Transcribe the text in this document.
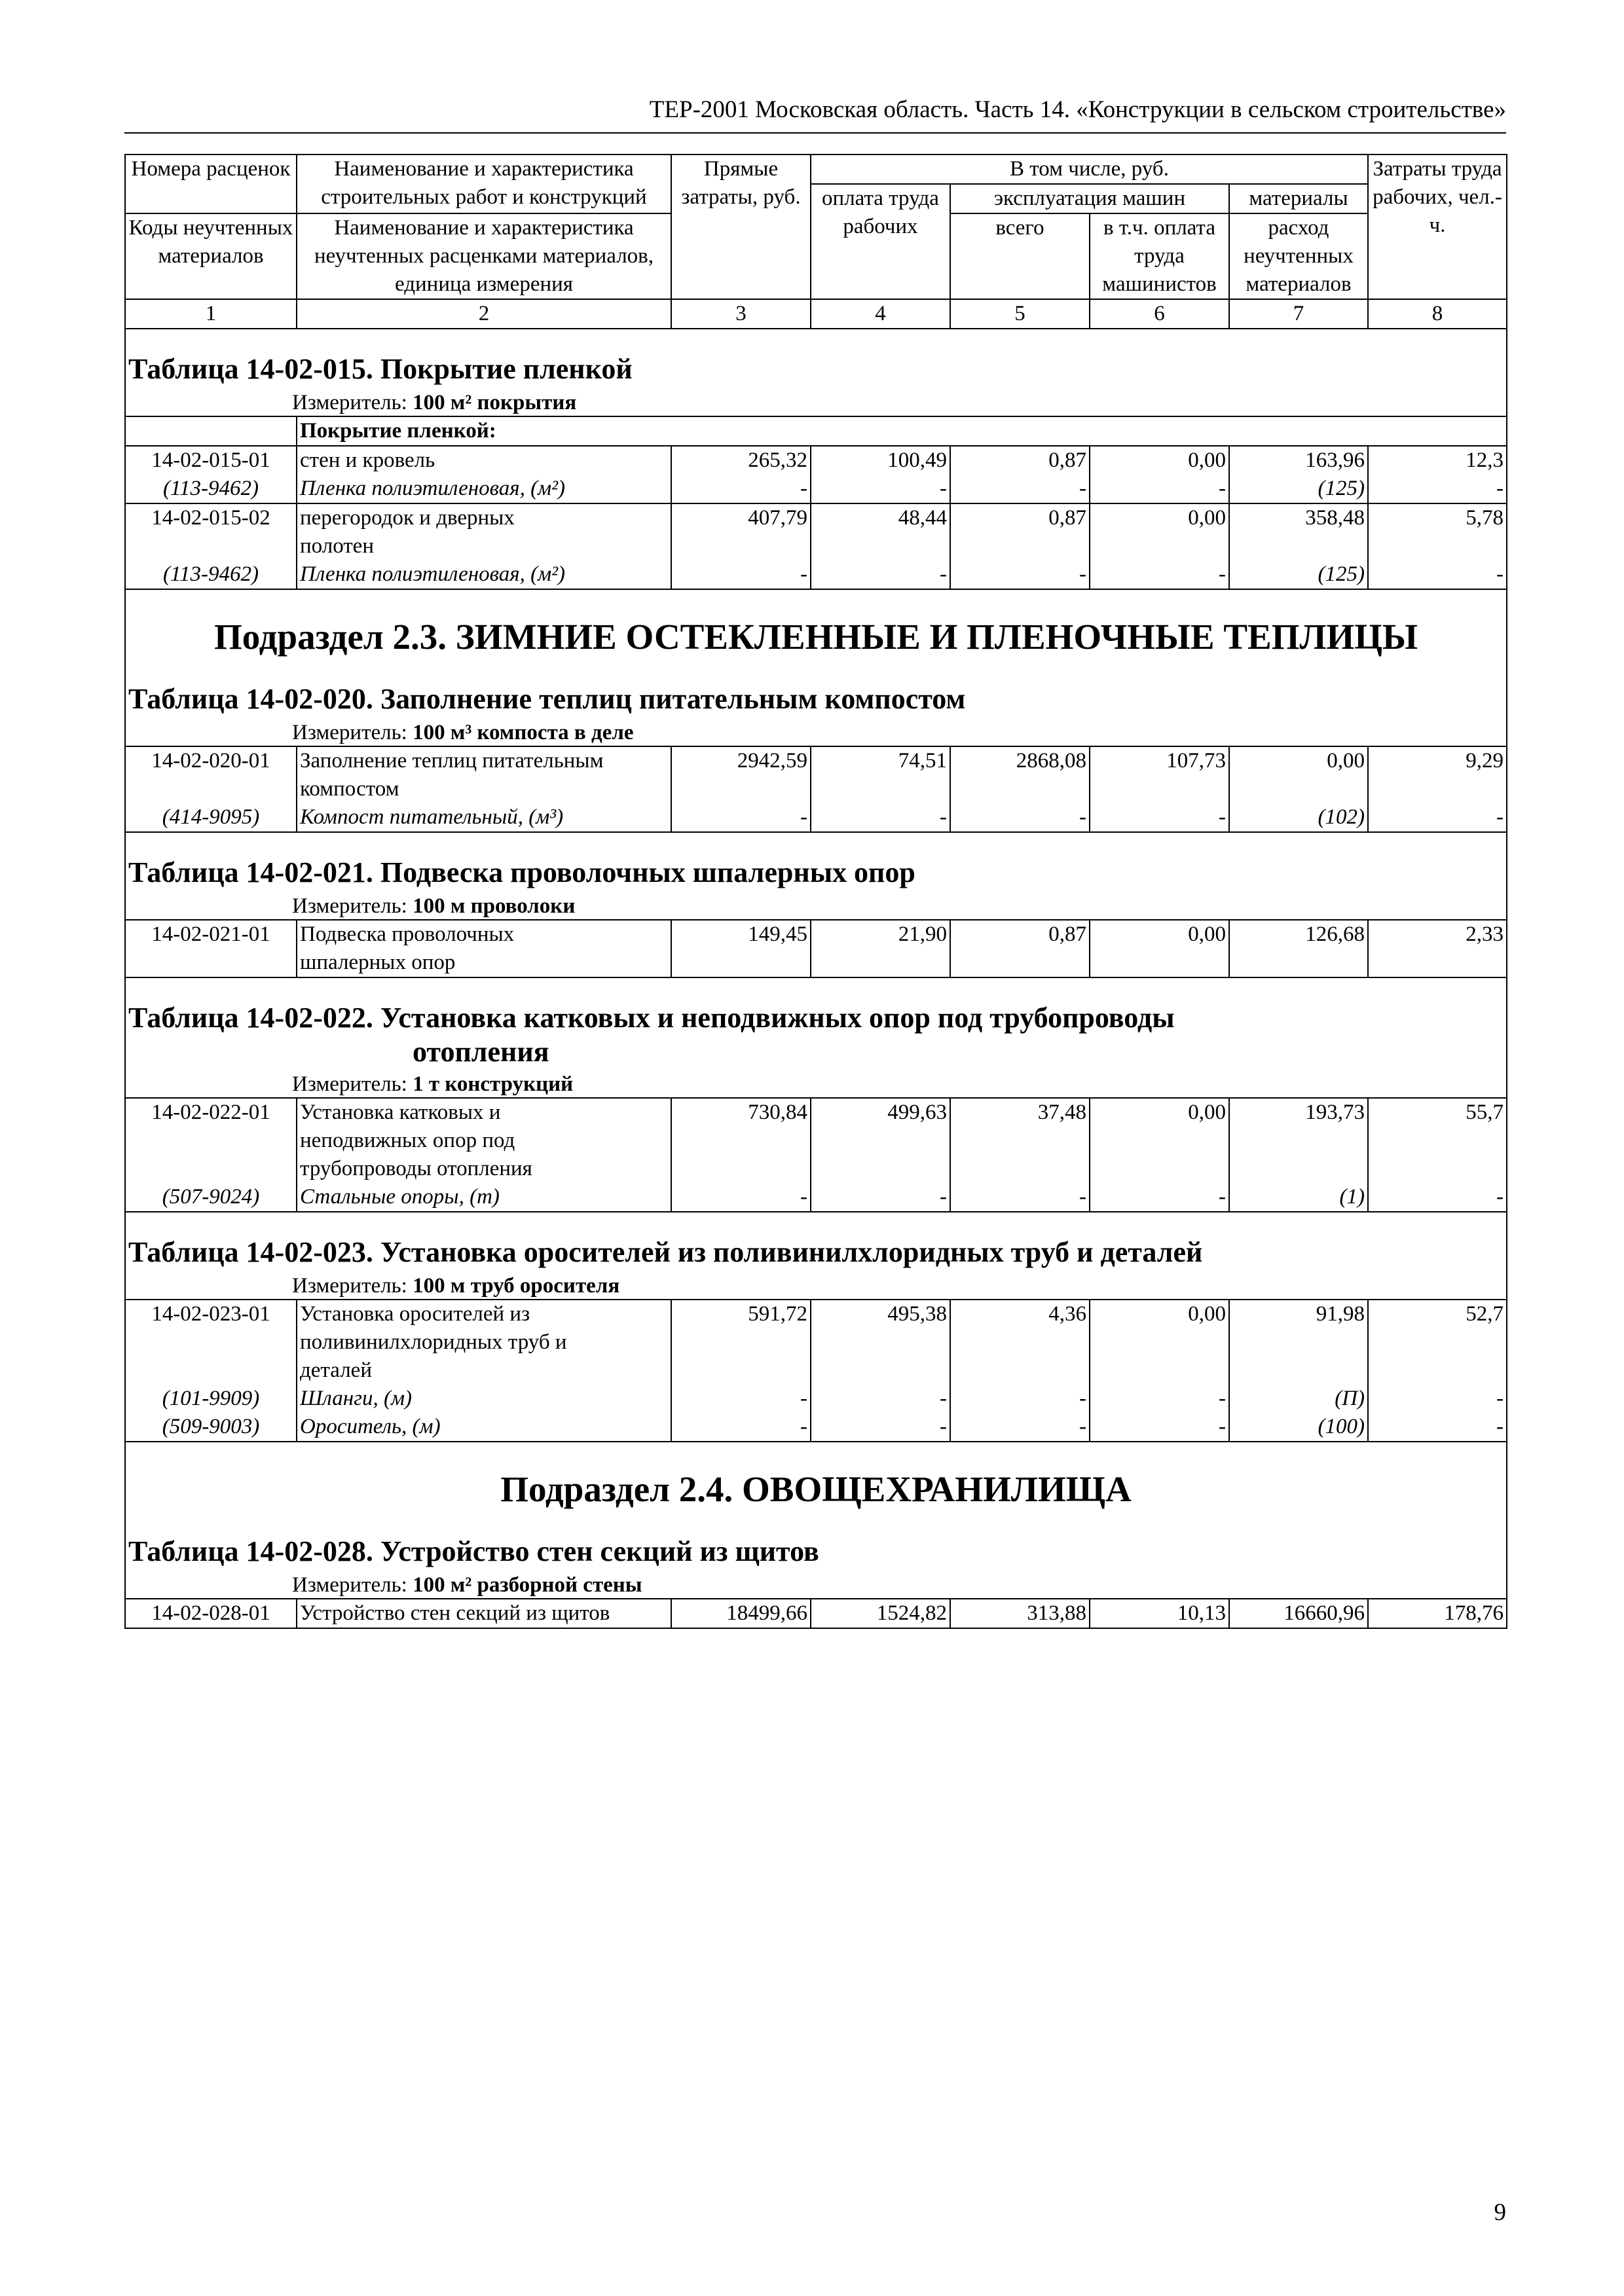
ТЕР-2001 Московская область. Часть 14. «Конструкции в сельском строительстве»
Номера расценок	Наименование и характеристика строительных работ и конструкций	Прямые затраты, руб.	В том числе, руб.				Затраты труда рабочих, чел.-ч.
			оплата труда рабочих	эксплуатация машин		материалы	
Коды неучтенных материалов	Наименование и характеристика неучтенных расценками материалов, единица измерения			всего	в т.ч. оплата труда машинистов	расход неучтенных материалов	

1	2	3	4	5	6	7	8

Таблица 14-02-015. Покрытие пленкой
Измеритель: 100 м² покрытия							

	Покрытие пленкой:						
14-02-015-01	стен и кровель	265,32	100,49	0,87	0,00	163,96	12,3
(113-9462)	Пленка полиэтиленовая, (м²)	-	-	-	-	(125)	-
14-02-015-02	перегородок и дверных	407,79	48,44	0,87	0,00	358,48	5,78
	полотен						
(113-9462)	Пленка полиэтиленовая, (м²)	-	-	-	-	(125)	-

Подраздел 2.3. ЗИМНИЕ ОСТЕКЛЕННЫЕ И ПЛЕНОЧНЫЕ ТЕПЛИЦЫ
Таблица 14-02-020. Заполнение теплиц питательным компостом
Измеритель: 100 м³ компоста в деле							

14-02-020-01	Заполнение теплиц питательным	2942,59	74,51	2868,08	107,73	0,00	9,29
	компостом						
(414-9095)	Компост питательный, (м³)	-	-	-	-	(102)	-

Таблица 14-02-021. Подвеска проволочных шпалерных опор
Измеритель: 100 м проволоки							

14-02-021-01	Подвеска проволочных	149,45	21,90	0,87	0,00	126,68	2,33
	шпалерных опор						

Таблица 14-02-022. Установка катковых и неподвижных опор под трубопроводы
отопления
Измеритель: 1 т конструкций							

14-02-022-01	Установка катковых и	730,84	499,63	37,48	0,00	193,73	55,7
	неподвижных опор под						
	трубопроводы отопления						
(507-9024)	Стальные опоры, (т)	-	-	-	-	(1)	-

Таблица 14-02-023. Установка оросителей из поливинилхлоридных труб и деталей
Измеритель: 100 м труб оросителя							

14-02-023-01	Установка оросителей из	591,72	495,38	4,36	0,00	91,98	52,7
	поливинилхлоридных труб и						
	деталей						
(101-9909)	Шланги, (м)	-	-	-	-	(П)	-
(509-9003)	Ороситель, (м)	-	-	-	-	(100)	-

Подраздел 2.4. ОВОЩЕХРАНИЛИЩА
Таблица 14-02-028. Устройство стен секций из щитов
Измеритель: 100 м² разборной стены							

14-02-028-01	Устройство стен секций из щитов	18499,66	1524,82	313,88	10,13	16660,96	178,76
9
